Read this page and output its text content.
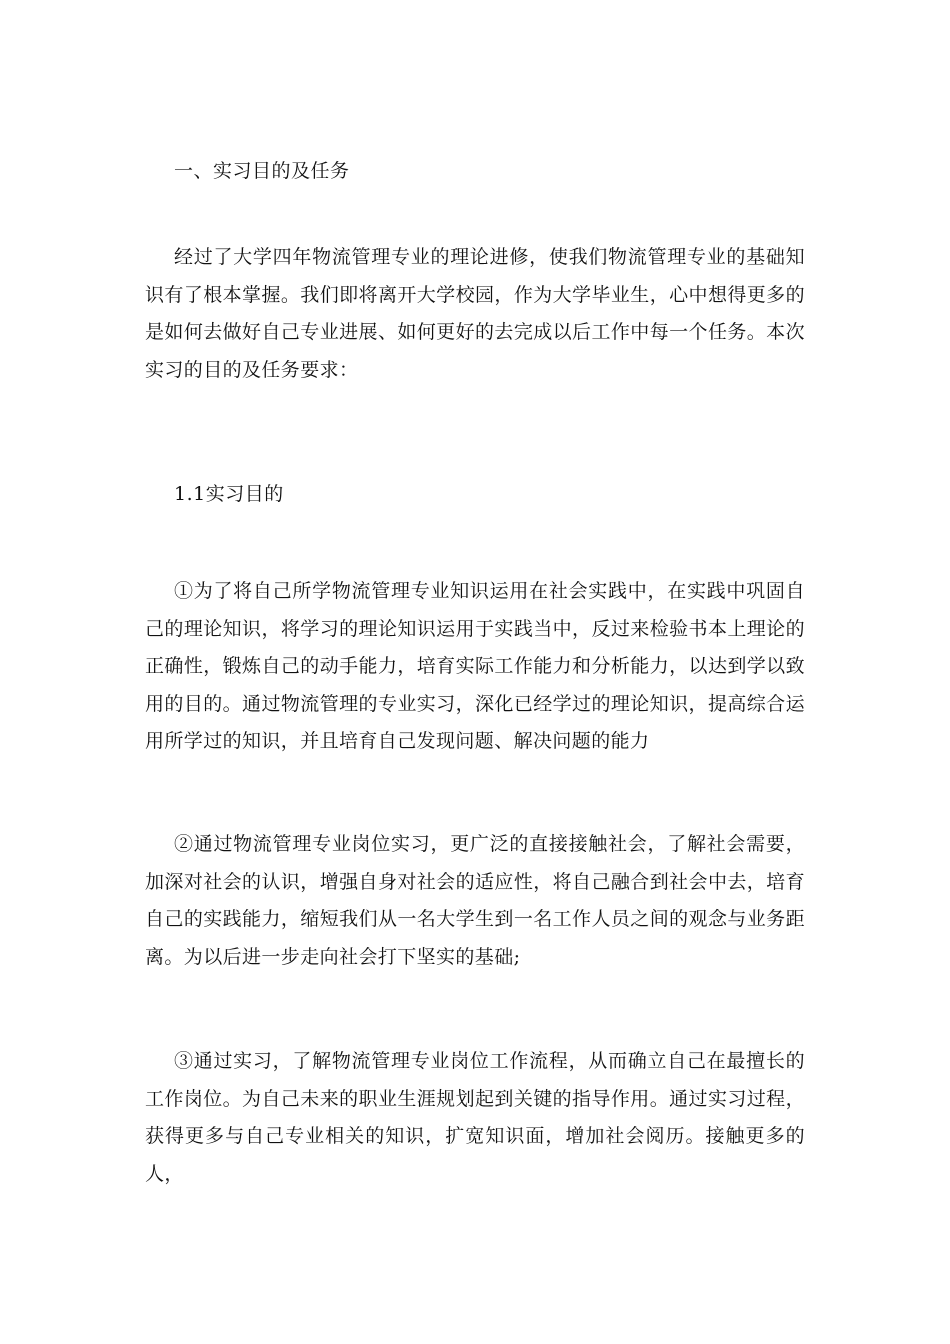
一、实习目的及任务

经过了大学四年物流管理专业的理论进修，使我们物流管理专业的基础知识有了根本掌握。我们即将离开大学校园，作为大学毕业生，心中想得更多的是如何去做好自己专业进展、如何更好的去完成以后工作中每一个任务。本次实习的目的及任务要求：

1.1实习目的

①为了将自己所学物流管理专业知识运用在社会实践中，在实践中巩固自己的理论知识，将学习的理论知识运用于实践当中，反过来检验书本上理论的正确性，锻炼自己的动手能力，培育实际工作能力和分析能力，以达到学以致用的目的。通过物流管理的专业实习，深化已经学过的理论知识，提高综合运用所学过的知识，并且培育自己发现问题、解决问题的能力

②通过物流管理专业岗位实习，更广泛的直接接触社会，了解社会需要，加深对社会的认识，增强自身对社会的适应性，将自己融合到社会中去，培育自己的实践能力，缩短我们从一名大学生到一名工作人员之间的观念与业务距离。为以后进一步走向社会打下坚实的基础;

③通过实习，了解物流管理专业岗位工作流程，从而确立自己在最擅长的工作岗位。为自己未来的职业生涯规划起到关键的指导作用。通过实习过程，获得更多与自己专业相关的知识，扩宽知识面，增加社会阅历。接触更多的人，
